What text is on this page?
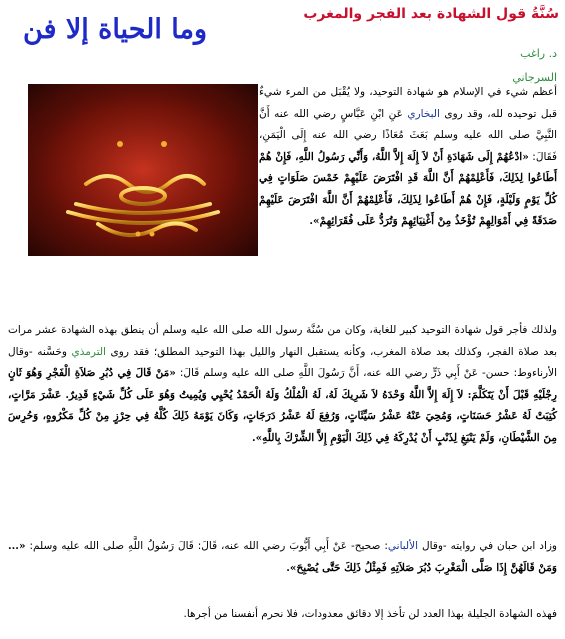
وما الحياة إلا فن	سُنَّةُ قول الشهادة بعد الفجر والمغرب
د. راغب
السرجاني
أعظم شيء في الإسلام هو شهادة التوحيد، ولا يُقْبَل من المرء شيءٌ قبل توحيده لله، وقد روى البخاري عَنِ ابْنِ عَبَّاسٍ رضي الله عنه أَنَّ النَّبِيَّ صلى الله عليه وسلم بَعَثَ مُعَاذًا رضي الله عنه إِلَى الْيَمَنِ، فَقَالَ: «ادْعُهُمْ إِلَى شَهَادَةِ أَنْ لاَ إِلَهَ إِلاَّ اللَّهُ، وَأَنِّي رَسُولُ اللَّهِ، فَإِنْ هُمْ أَطَاعُوا لِذَلِكَ، فَأَعْلِمْهُمْ أَنَّ اللَّهَ قَدِ افْتَرَضَ عَلَيْهِمْ خَمْسَ صَلَوَاتٍ فِي كُلِّ يَوْمٍ وَلَيْلَةٍ، فَإِنْ هُمْ أَطَاعُوا لِذَلِكَ، فَأَعْلِمْهُمْ أَنَّ اللَّهَ افْتَرَضَ عَلَيْهِمْ صَدَقَةً فِي أَمْوَالِهِمْ تُؤْخَذُ مِنْ أَغْنِيَائِهِمْ وَتُرَدُّ عَلَى فُقَرَائِهِمْ».
ولذلك فأجر قول شهادة التوحيد كبير للغاية، وكان من سُنَّة رسول الله صلى الله عليه وسلم أن ينطق بهذه الشهادة عشر مرات بعد صلاة الفجر، وكذلك بعد صلاة المغرب، وكأنه يستقبل النهار والليل بهذا التوحيد المطلق؛ فقد روى الترمذي وحَسَّنه -وقال الأرناءوط: حسن- عَنْ أَبِي ذَرٍّ رضي الله عنه، أَنَّ رَسُولَ اللَّهِ صلى الله عليه وسلم قَالَ: «مَنْ قَالَ فِي دُبُرِ صَلاَةِ الْفَجْرِ وَهُوَ ثَانٍ رِجْلَيْهِ قَبْلَ أَنْ يَتَكَلَّمَ: لاَ إِلَهَ إِلاَّ اللَّهُ وَحْدَهُ لاَ شَرِيكَ لَهُ، لَهُ الْمُلْكُ وَلَهُ الْحَمْدُ يُحْيِي وَيُمِيتُ وَهُوَ عَلَى كُلِّ شَيْءٍ قَدِيرٌ. عَشْرَ مَرَّاتٍ، كُتِبَتْ لَهُ عَشْرُ حَسَنَاتٍ، وَمُحِيَ عَنْهُ عَشْرُ سَيِّئَاتٍ، وَرُفِعَ لَهُ عَشْرُ دَرَجَاتٍ، وَكَانَ يَوْمَهُ ذَلِكَ كُلَّهُ فِي حِرْزٍ مِنْ كُلِّ مَكْرُوهٍ، وَحُرِسَ مِنَ الشَّيْطَانِ، وَلَمْ يَنْبَغِ لِذَنْبٍ أَنْ يُدْرِكَهُ فِي ذَلِكَ الْيَوْمِ إِلاَّ الشِّرْكَ بِاللَّهِ».
وزاد ابن حبان في روايته -وقال الألباني: صحيح- عَنْ أَبِي أَيُّوبَ رضي الله عنه، قَالَ: قَالَ رَسُولُ اللَّهِ صلى الله عليه وسلم: «... وَمَنْ قَالَهُنَّ إِذَا صَلَّى الْمَغْرِبَ دُبُرَ صَلاَتِهِ فَمِثْلُ ذَلِكَ حَتَّى يُصْبِحَ».
فهذه الشهادة الجليلة بهذا العدد لن تأخذ إلا دقائق معدودات، فلا نحرم أنفسنا من أجرها.
